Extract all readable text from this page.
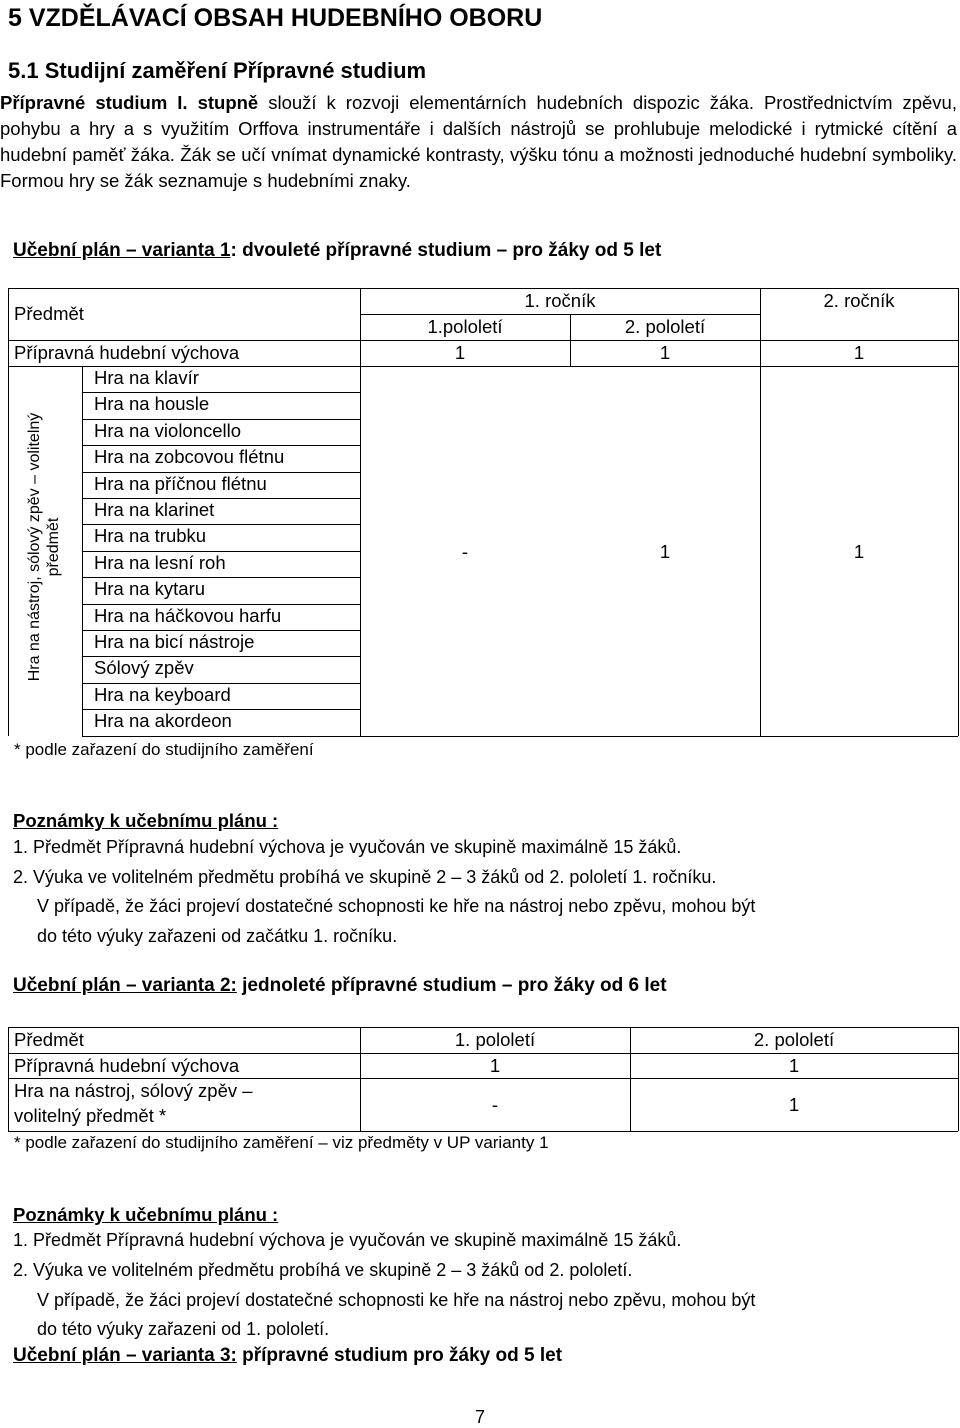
5 VZDĚLÁVACÍ OBSAH HUDEBNÍHO OBORU
5.1 Studijní zaměření Přípravné studium
Přípravné studium I. stupně slouží k rozvoji elementárních hudebních dispozic žáka. Prostřednictvím zpěvu, pohybu a hry a s využitím Orffova instrumentáře i dalších nástrojů se prohlubuje melodické i rytmické cítění a hudební paměť žáka. Žák se učí vnímat dynamické kontrasty, výšku tónu a možnosti jednoduché hudební symboliky. Formou hry se žák seznamuje s hudebními znaky.
Učební plán – varianta 1: dvouleté přípravné studium – pro žáky od 5 let
Předmět
1. ročník	2. ročník
1.pololetí	2. pololetí
Přípravná hudební výchova	1	1	1
Hra na nástroj, sólový zpěv – volitelný předmět
Hra na klavír
Hra na housle
Hra na violoncello
Hra na zobcovou flétnu
Hra na příčnou flétnu
Hra na klarinet
Hra na trubku
Hra na lesní roh
Hra na kytaru
Hra na háčkovou harfu
Hra na bicí nástroje
Sólový zpěv
Hra na keyboard
Hra na akordeon
-	1	1
* podle zařazení do studijního zaměření
Poznámky k učebnímu plánu :
1. Předmět Přípravná hudební výchova je vyučován ve skupině maximálně 15 žáků.
2. Výuka ve volitelném předmětu probíhá ve skupině 2 – 3 žáků od 2. pololetí 1. ročníku.
V případě, že žáci projeví dostatečné schopnosti ke hře na nástroj nebo zpěvu, mohou být
do této výuky zařazeni od začátku 1. ročníku.
Učební plán – varianta 2: jednoleté přípravné studium – pro žáky od 6 let
Předmět	1. pololetí	2. pololetí
Přípravná hudební výchova	1	1
Hra na nástroj, sólový zpěv –
volitelný předmět *
-	1
* podle zařazení do studijního zaměření – viz předměty v UP varianty 1
Poznámky k učebnímu plánu :
1. Předmět Přípravná hudební výchova je vyučován ve skupině maximálně 15 žáků.
2. Výuka ve volitelném předmětu probíhá ve skupině 2 – 3 žáků od 2. pololetí.
V případě, že žáci projeví dostatečné schopnosti ke hře na nástroj nebo zpěvu, mohou být
do této výuky zařazeni od 1. pololetí.
Učební plán – varianta 3: přípravné studium pro žáky od 5 let
7
